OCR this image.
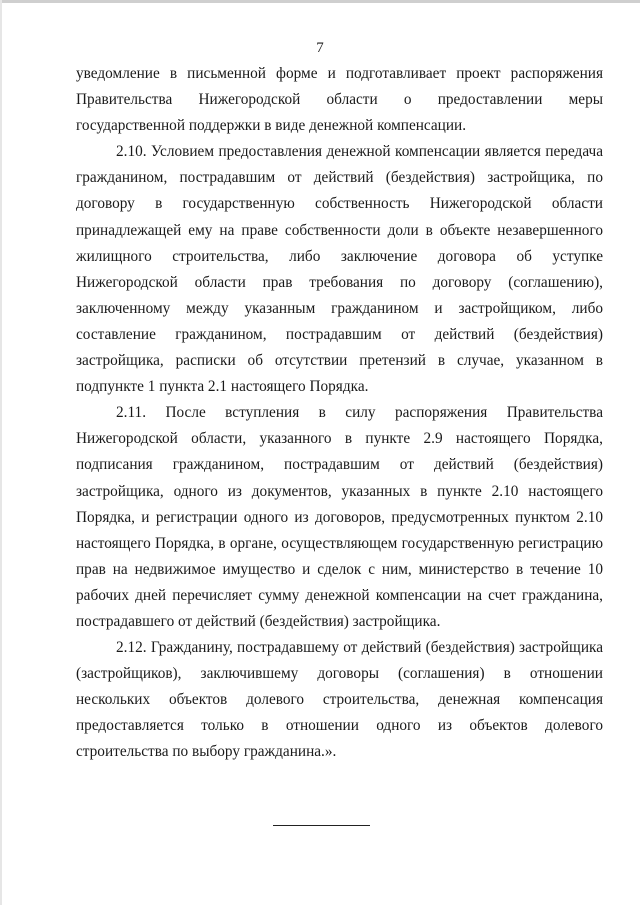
7

уведомление в письменной форме и подготавливает проект распоряжения Правительства Нижегородской области о предоставлении меры государственной поддержки в виде денежной компенсации.

2.10. Условием предоставления денежной компенсации является передача гражданином, пострадавшим от действий (бездействия) застройщика, по договору в государственную собственность Нижегородской области принадлежащей ему на праве собственности доли в объекте незавершенного жилищного строительства, либо заключение договора об уступке Нижегородской области прав требования по договору (соглашению), заключенному между указанным гражданином и застройщиком, либо составление гражданином, пострадавшим от действий (бездействия) застройщика, расписки об отсутствии претензий в случае, указанном в подпункте 1 пункта 2.1 настоящего Порядка.

2.11. После вступления в силу распоряжения Правительства Нижегородской области, указанного в пункте 2.9 настоящего Порядка, подписания гражданином, пострадавшим от действий (бездействия) застройщика, одного из документов, указанных в пункте 2.10 настоящего Порядка, и регистрации одного из договоров, предусмотренных пунктом 2.10 настоящего Порядка, в органе, осуществляющем государственную регистрацию прав на недвижимое имущество и сделок с ним, министерство в течение 10 рабочих дней перечисляет сумму денежной компенсации на счет гражданина, пострадавшего от действий (бездействия) застройщика.

2.12. Гражданину, пострадавшему от действий (бездействия) застройщика (застройщиков), заключившему договоры (соглашения) в отношении нескольких объектов долевого строительства, денежная компенсация предоставляется только в отношении одного из объектов долевого строительства по выбору гражданина.».
